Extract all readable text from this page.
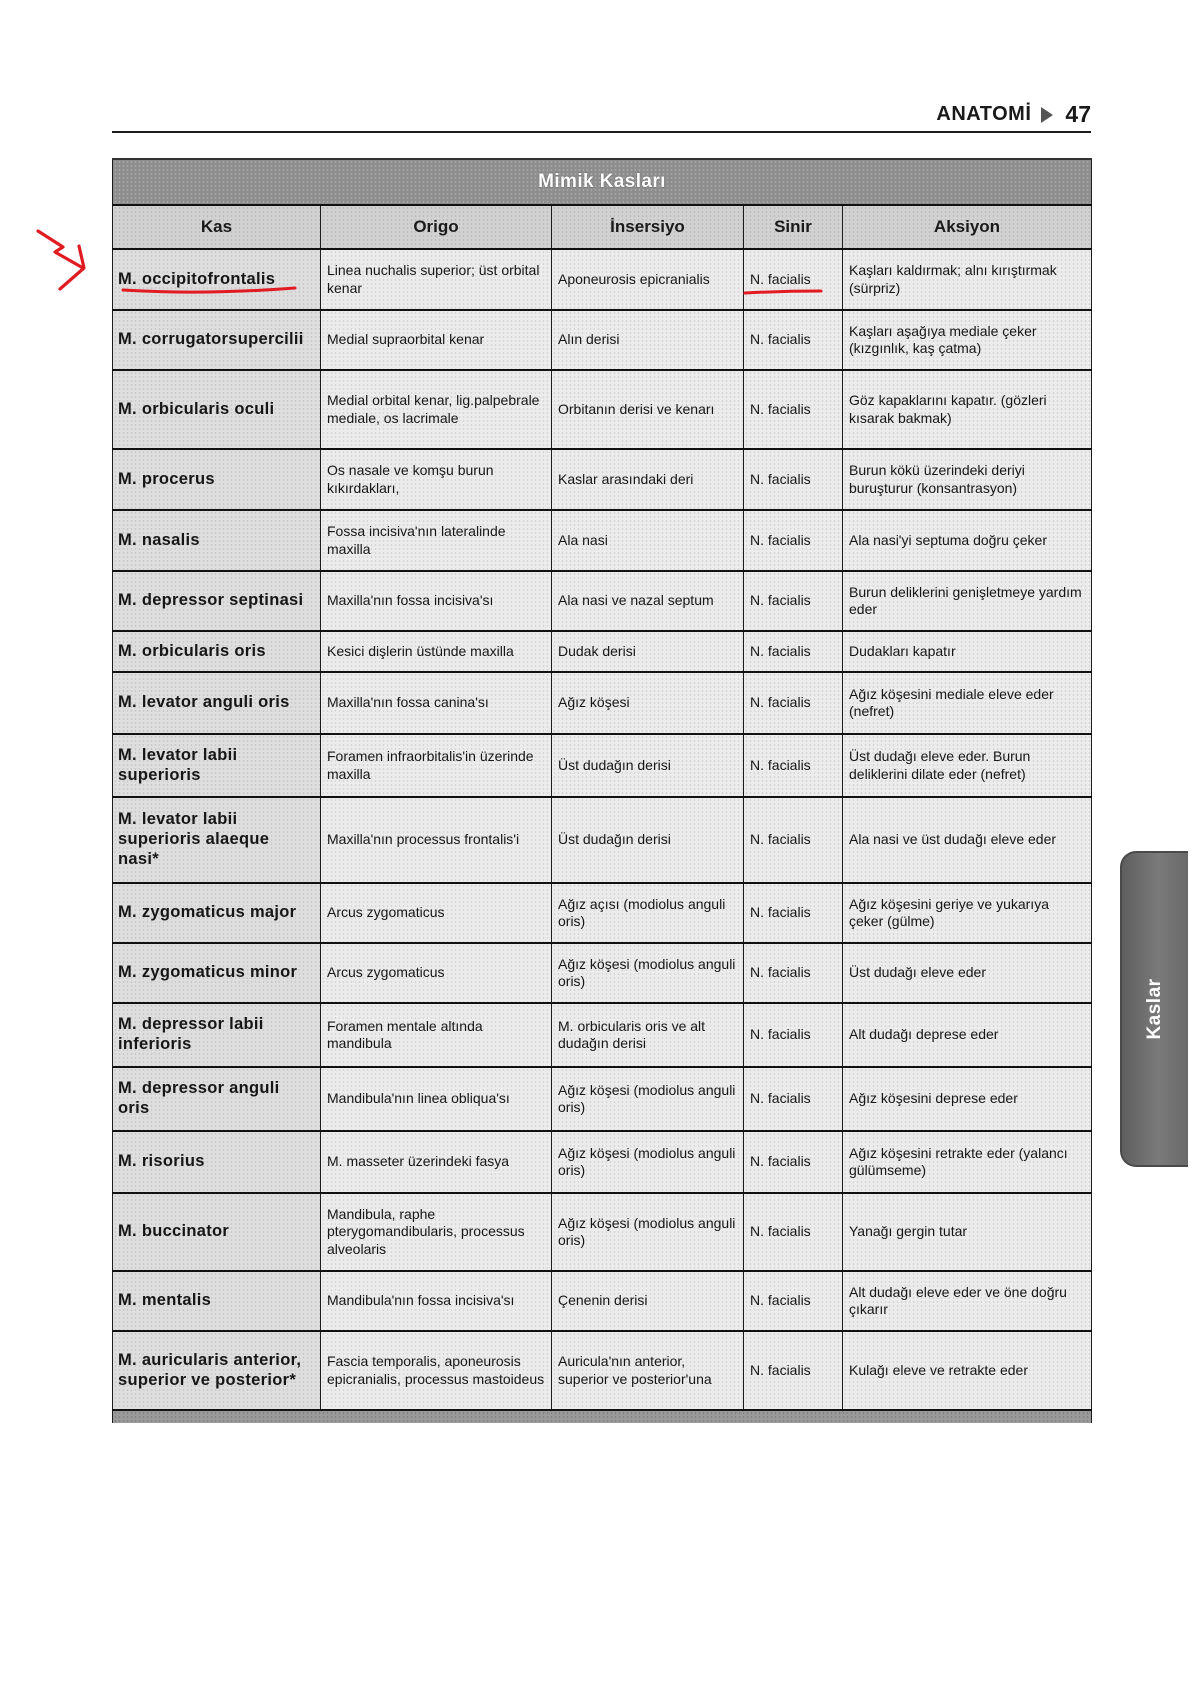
ANATOMİ 47
Mimik Kasları				
Kas	Origo	İnsersiyo	Sinir	Aksiyon
M. occipitofrontalis	Linea nuchalis superior; üst orbital kenar	Aponeurosis epicranialis	N. facialis	Kaşları kaldırmak; alnı kırıştırmak (sürpriz)
M. corrugatorsupercilii	Medial supraorbital kenar	Alın derisi	N. facialis	Kaşları aşağıya mediale çeker (kızgınlık, kaş çatma)
M. orbicularis oculi	Medial orbital kenar, lig.palpebrale mediale, os lacrimale	Orbitanın derisi ve kenarı	N. facialis	Göz kapaklarını kapatır. (gözleri kısarak bakmak)
M. procerus	Os nasale ve komşu burun kıkırdakları,	Kaslar arasındaki deri	N. facialis	Burun kökü üzerindeki deriyi buruşturur (konsantrasyon)
M. nasalis	Fossa incisiva'nın lateralinde maxilla	Ala nasi	N. facialis	Ala nasi'yi septuma doğru çeker
M. depressor septinasi	Maxilla'nın fossa incisiva'sı	Ala nasi ve nazal septum	N. facialis	Burun deliklerini genişletmeye yardım eder
M. orbicularis oris	Kesici dişlerin üstünde maxilla	Dudak derisi	N. facialis	Dudakları kapatır
M. levator anguli oris	Maxilla'nın fossa canina'sı	Ağız köşesi	N. facialis	Ağız köşesini mediale eleve eder (nefret)
M. levator labii superioris	Foramen infraorbitalis'in üzerinde maxilla	Üst dudağın derisi	N. facialis	Üst dudağı eleve eder. Burun deliklerini dilate eder (nefret)
M. levator labii superioris alaeque nasi*	Maxilla'nın processus frontalis'i	Üst dudağın derisi	N. facialis	Ala nasi ve üst dudağı eleve eder
M. zygomaticus major	Arcus zygomaticus	Ağız açısı (modiolus anguli oris)	N. facialis	Ağız köşesini geriye ve yukarıya çeker (gülme)
M. zygomaticus minor	Arcus zygomaticus	Ağız köşesi (modiolus anguli oris)	N. facialis	Üst dudağı eleve eder
M. depressor labii inferioris	Foramen mentale altında mandibula	M. orbicularis oris ve alt dudağın derisi	N. facialis	Alt dudağı deprese eder
M. depressor anguli oris	Mandibula'nın linea obliqua'sı	Ağız köşesi (modiolus anguli oris)	N. facialis	Ağız köşesini deprese eder
M. risorius	M. masseter üzerindeki fasya	Ağız köşesi (modiolus anguli oris)	N. facialis	Ağız köşesini retrakte eder (yalancı gülümseme)
M. buccinator	Mandibula, raphe pterygomandibularis, processus alveolaris	Ağız köşesi (modiolus anguli oris)	N. facialis	Yanağı gergin tutar
M. mentalis	Mandibula'nın fossa incisiva'sı	Çenenin derisi	N. facialis	Alt dudağı eleve eder ve öne doğru çıkarır
M. auricularis anterior, superior ve posterior*	Fascia temporalis, aponeurosis epicranialis, processus mastoideus	Auricula'nın anterior, superior ve posterior'una	N. facialis	Kulağı eleve ve retrakte eder

Kaslar
